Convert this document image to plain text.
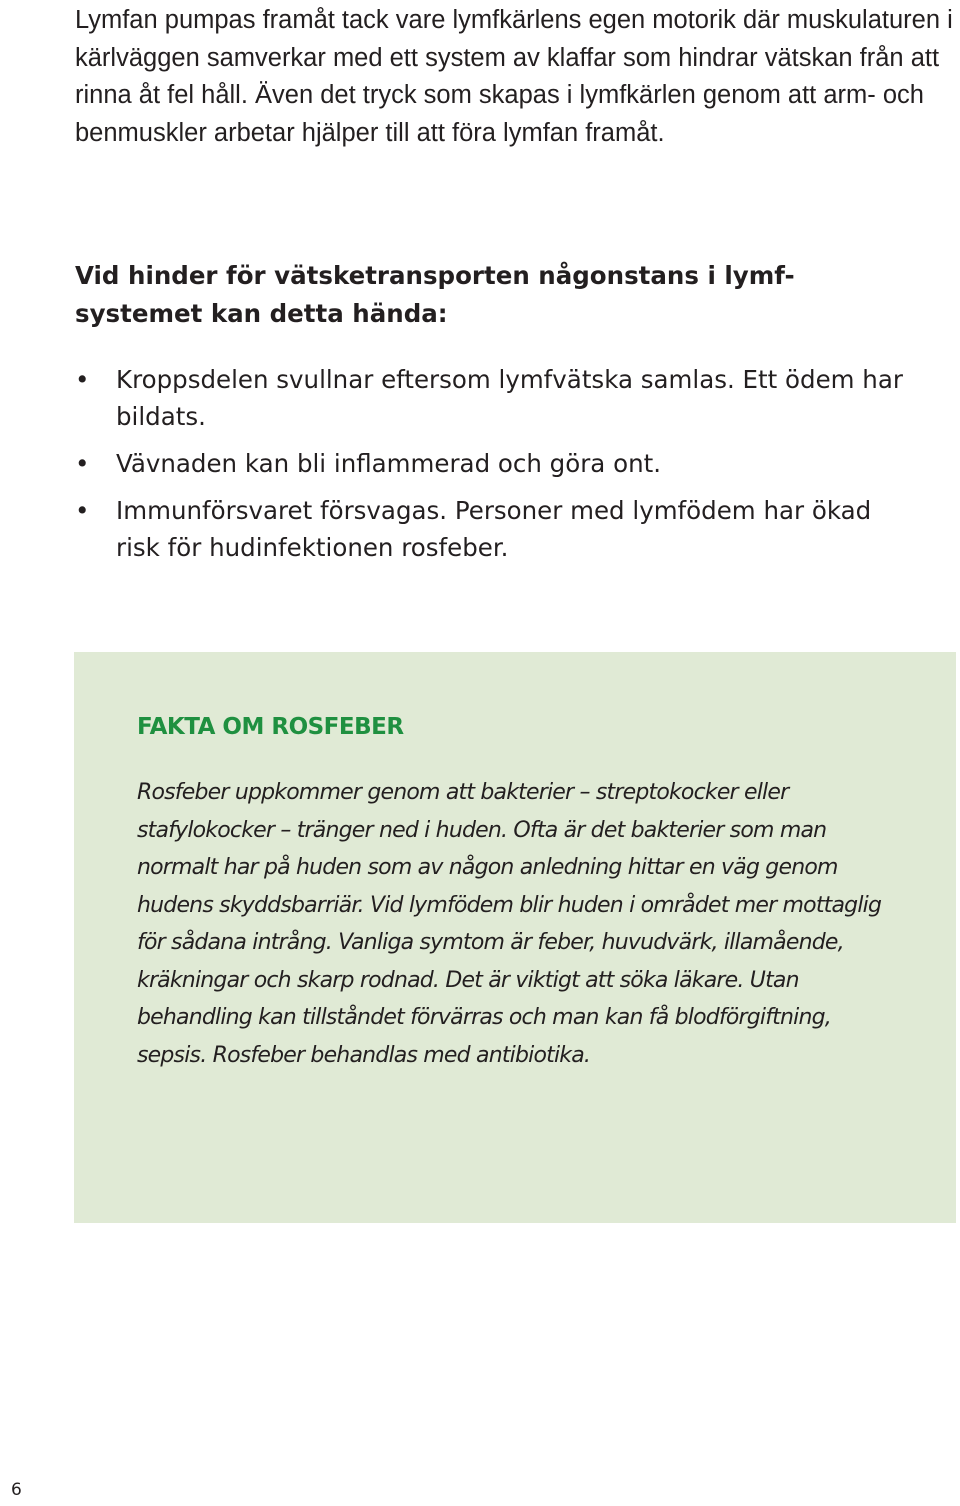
Lymfan pumpas framåt tack vare lymfkärlens egen motorik där muskulaturen i kärlväggen samverkar med ett system av klaffar som hindrar vätskan från att rinna åt fel håll. Även det tryck som skapas i lymfkärlen genom att arm- och benmuskler arbetar hjälper till att föra lymfan framåt.

Vid hinder för vätsketransporten någonstans i lymf-systemet kan detta hända:
• Kroppsdelen svullnar eftersom lymfvätska samlas. Ett ödem har bildats.
• Vävnaden kan bli inflammerad och göra ont.
• Immunförsvaret försvagas. Personer med lymfödem har ökad risk för hudinfektionen rosfeber.
FAKTA OM ROSFEBER

Rosfeber uppkommer genom att bakterier – streptokocker eller stafylokocker – tränger ned i huden. Ofta är det bakterier som man normalt har på huden som av någon anledning hittar en väg genom hudens skyddsbarriär. Vid lymfödem blir huden i området mer mottaglig för sådana intrång. Vanliga symtom är feber, huvudvärk, illamående, kräkningar och skarp rodnad. Det är viktigt att söka läkare. Utan behandling kan tillståndet förvärras och man kan få blodförgiftning, sepsis. Rosfeber behandlas med antibiotika.

6
